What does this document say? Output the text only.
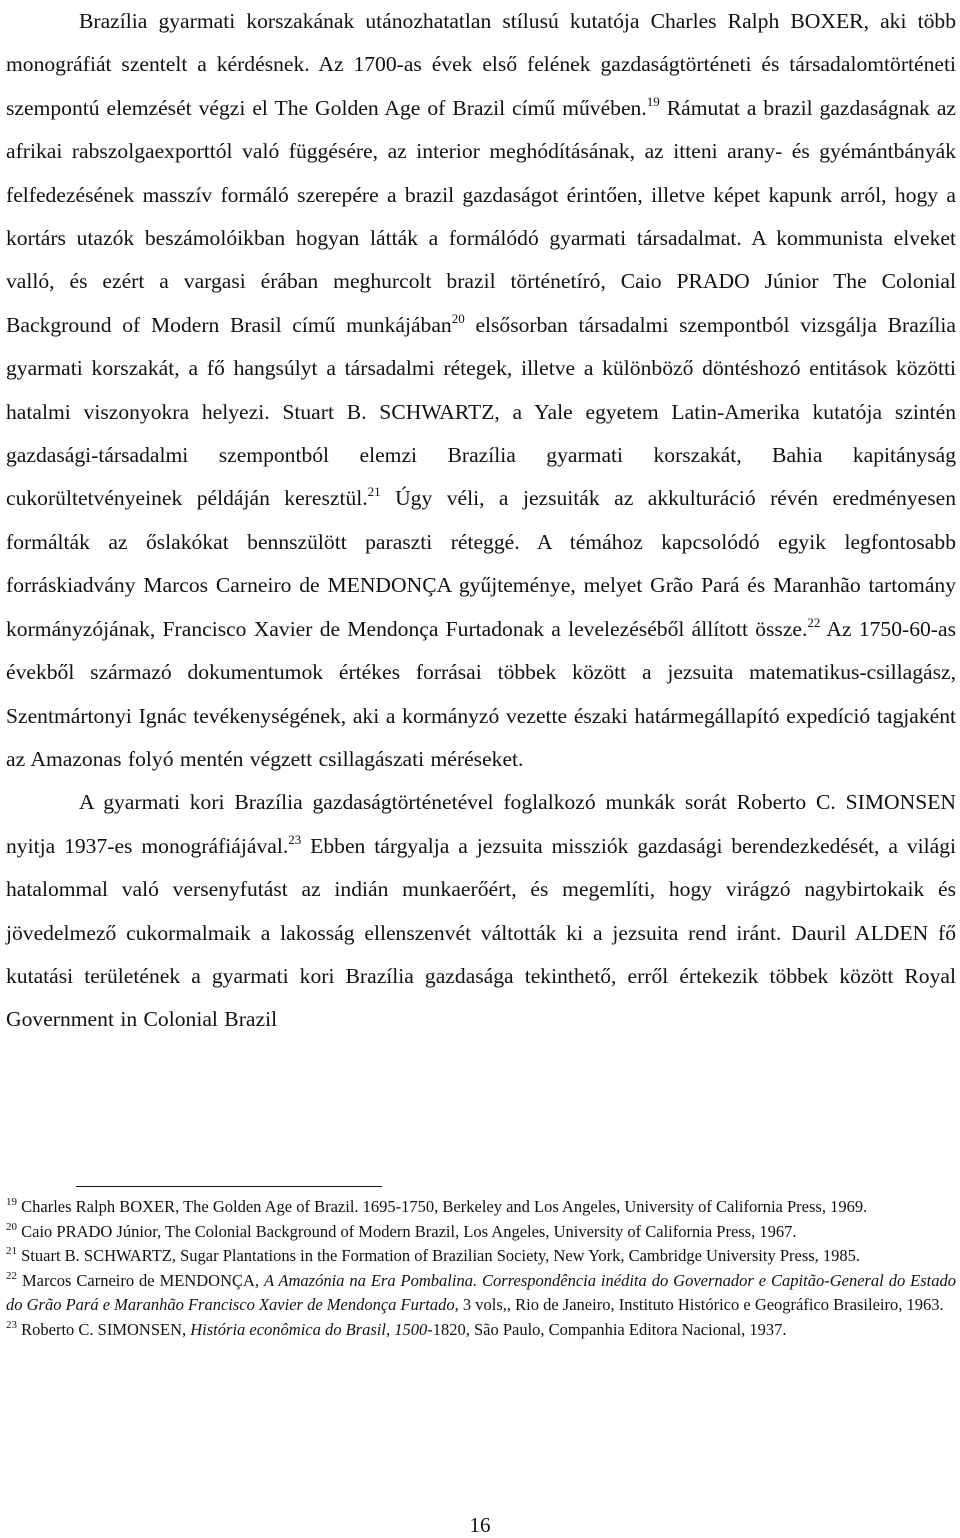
Brazília gyarmati korszakának utánozhatatlan stílusú kutatója Charles Ralph BOXER, aki több monográfiát szentelt a kérdésnek. Az 1700-as évek első felének gazdaságtörténeti és társadalomtörténeti szempontú elemzését végzi el The Golden Age of Brazil című művében.$^{19}$ Rámutat a brazil gazdaságnak az afrikai rabszolgaexporttól való függésére, az interior meghódításának, az itteni arany- és gyémántbányák felfedezésének masszív formáló szerepére a brazil gazdaságot érintően, illetve képet kapunk arról, hogy a kortárs utazók beszámolóikban hogyan látták a formálódó gyarmati társadalmat. A kommunista elveket valló, és ezért a vargasi érában meghurcolt brazil történetíró, Caio PRADO Júnior The Colonial Background of Modern Brasil című munkájában$^{20}$ elsősorban társadalmi szempontból vizsgálja Brazília gyarmati korszakát, a fő hangsúlyt a társadalmi rétegek, illetve a különböző döntéshozó entitások közötti hatalmi viszonyokra helyezi. Stuart B. SCHWARTZ, a Yale egyetem Latin-Amerika kutatója szintén gazdasági-társadalmi szempontból elemzi Brazília gyarmati korszakát, Bahia kapitányság cukorültetvényeinek példáján keresztül.$^{21}$ Úgy véli, a jezsuiták az akkulturáció révén eredményesen formálták az őslakókat bennszülött paraszti réteggé. A témához kapcsolódó egyik legfontosabb forráskiadvány Marcos Carneiro de MENDONÇA gyűjteménye, melyet Grão Pará és Maranhão tartomány kormányzójának, Francisco Xavier de Mendonça Furtadonak a levelezéséből állított össze.$^{22}$ Az 1750-60-as évekből származó dokumentumok értékes forrásai többek között a jezsuita matematikus-csillagász, Szentmártonyi Ignác tevékenységének, aki a kormányzó vezette északi határmegállapító expedíció tagjaként az Amazonas folyó mentén végzett csillagászati méréseket.

A gyarmati kori Brazília gazdaságtörténetével foglalkozó munkák sorát Roberto C. SIMONSEN nyitja 1937-es monográfiájával.$^{23}$ Ebben tárgyalja a jezsuita missziók gazdasági berendezkedését, a világi hatalommal való versenyfutást az indián munkaerőért, és megemlíti, hogy virágzó nagybirtokaik és jövedelmező cukormalmaik a lakosság ellenszenvét váltották ki a jezsuita rend iránt. Dauril ALDEN fő kutatási területének a gyarmati kori Brazília gazdasága tekinthető, erről értekezik többek között Royal Government in Colonial Brazil

$^{19}$ Charles Ralph BOXER, The Golden Age of Brazil. 1695-1750, Berkeley and Los Angeles, University of California Press, 1969.

$^{20}$ Caio PRADO Júnior, The Colonial Background of Modern Brazil, Los Angeles, University of California Press, 1967.

$^{21}$ Stuart B. SCHWARTZ, Sugar Plantations in the Formation of Brazilian Society, New York, Cambridge University Press, 1985.

$^{22}$ Marcos Carneiro de MENDONÇA, A Amazónia na Era Pombalina. Correspondência inédita do Governador e Capitão-General do Estado do Grão Pará e Maranhão Francisco Xavier de Mendonça Furtado, 3 vols,, Rio de Janeiro, Instituto Histórico e Geográfico Brasileiro, 1963.

$^{23}$ Roberto C. SIMONSEN, História econômica do Brasil, 1500-1820, São Paulo, Companhia Editora Nacional, 1937.

16
